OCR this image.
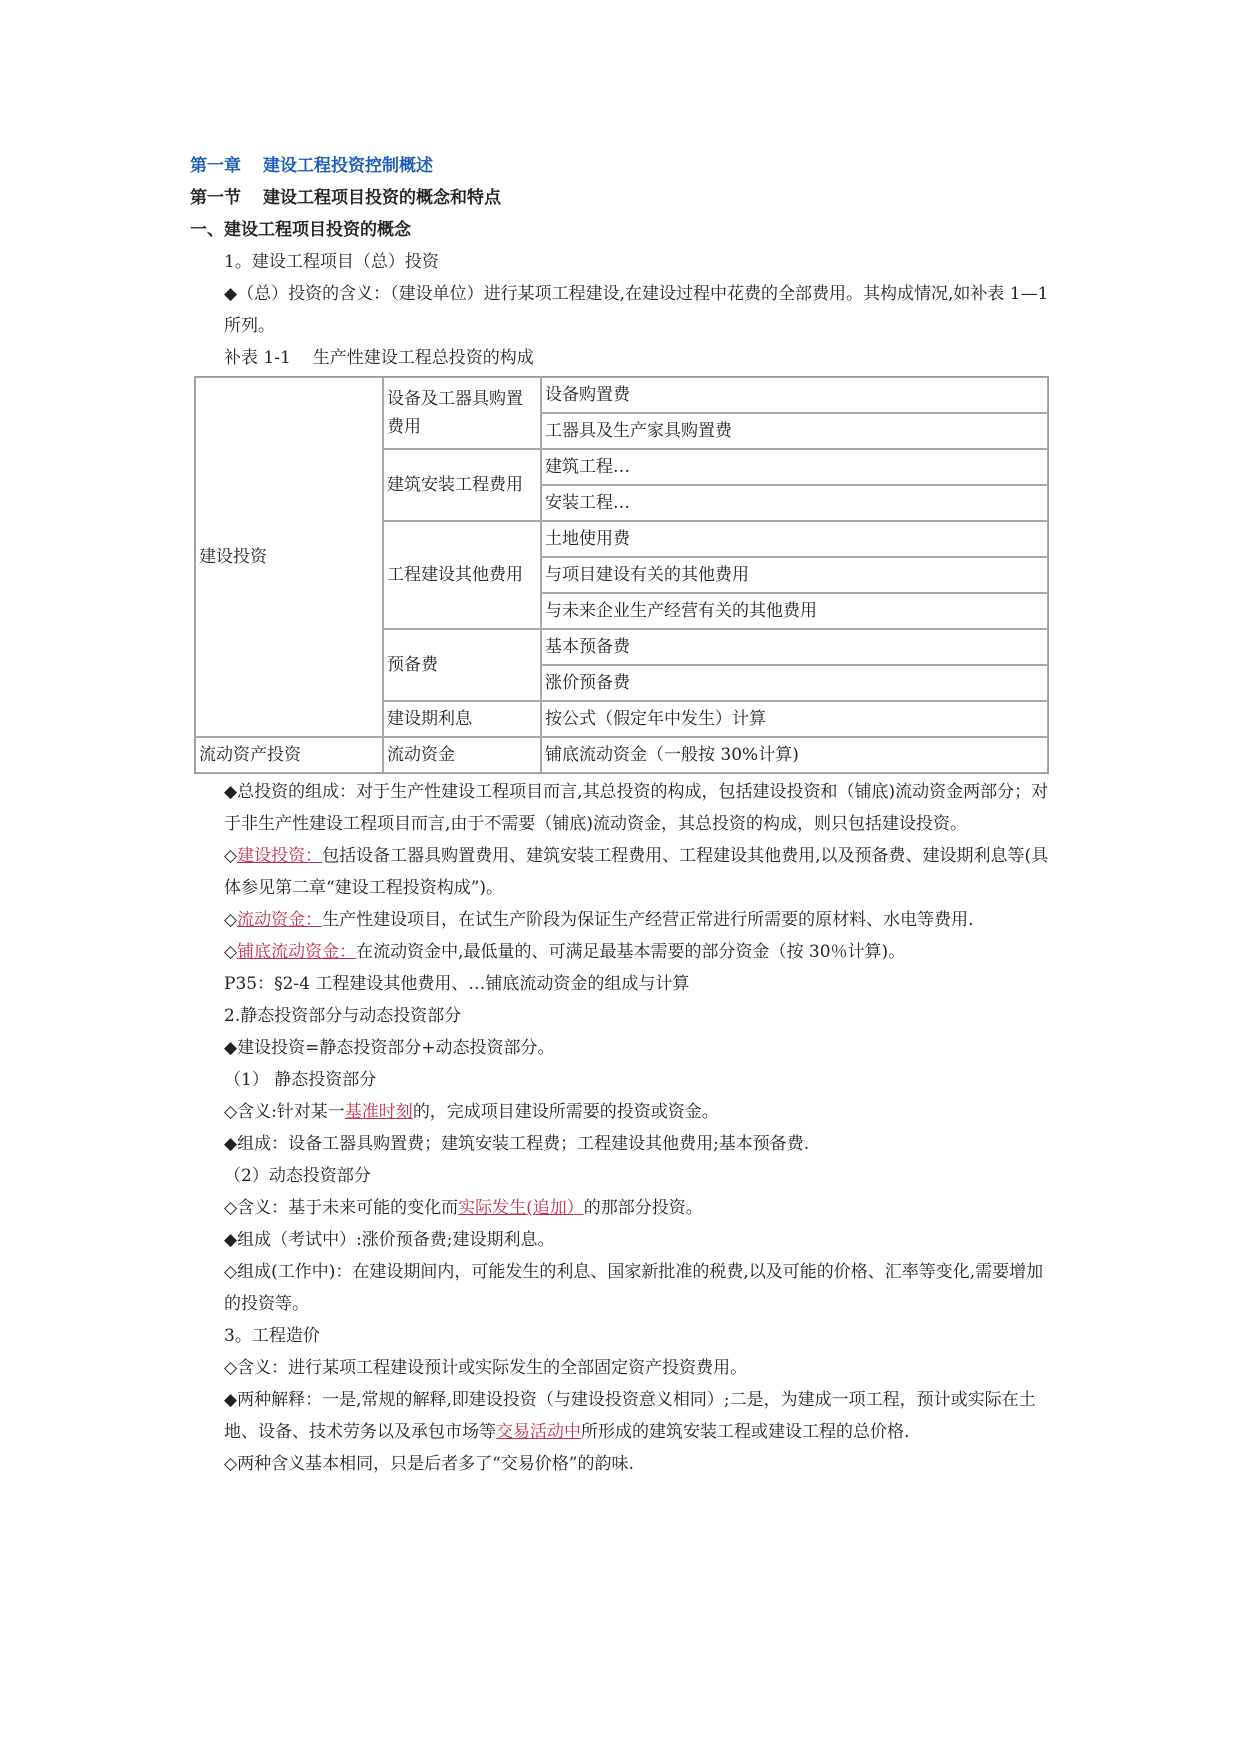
第一章 建设工程投资控制概述
第一节 建设工程项目投资的概念和特点
一、建设工程项目投资的概念
1。建设工程项目（总）投资
◆（总）投资的含义：（建设单位）进行某项工程建设,在建设过程中花费的全部费用。其构成情况,如补表 1—1 所列。
补表 1-1 生产性建设工程总投资的构成
建设投资	设备及工器具购置费用	设备购置费
		工器具及生产家具购置费
	建筑安装工程费用	建筑工程…
		安装工程…
	工程建设其他费用	土地使用费
		与项目建设有关的其他费用
		与未来企业生产经营有关的其他费用
	预备费	基本预备费
		涨价预备费
	建设期利息	按公式（假定年中发生）计算
流动资产投资	流动资金	铺底流动资金（一般按 30%计算)
◆总投资的组成：对于生产性建设工程项目而言,其总投资的构成，包括建设投资和（铺底)流动资金两部分；对于非生产性建设工程项目而言,由于不需要（铺底)流动资金，其总投资的构成，则只包括建设投资。
◇建设投资：包括设备工器具购置费用、建筑安装工程费用、工程建设其他费用,以及预备费、建设期利息等(具体参见第二章“建设工程投资构成”)。
◇流动资金：生产性建设项目，在试生产阶段为保证生产经营正常进行所需要的原材料、水电等费用.
◇铺底流动资金：在流动资金中,最低量的、可满足最基本需要的部分资金（按 30％计算)。
P35：§2-4 工程建设其他费用、…铺底流动资金的组成与计算
2.静态投资部分与动态投资部分
◆建设投资=静态投资部分+动态投资部分。
（1） 静态投资部分
◇含义:针对某一基准时刻的，完成项目建设所需要的投资或资金。
◆组成：设备工器具购置费；建筑安装工程费；工程建设其他费用;基本预备费.
（2）动态投资部分
◇含义：基于未来可能的变化而实际发生(追加）的那部分投资。
◆组成（考试中）:涨价预备费;建设期利息。
◇组成(工作中)：在建设期间内，可能发生的利息、国家新批准的税费,以及可能的价格、汇率等变化,需要增加的投资等。
3。工程造价
◇含义：进行某项工程建设预计或实际发生的全部固定资产投资费用。
◆两种解释：一是,常规的解释,即建设投资（与建设投资意义相同）;二是，为建成一项工程，预计或实际在土地、设备、技术劳务以及承包市场等交易活动中所形成的建筑安装工程或建设工程的总价格.
◇两种含义基本相同，只是后者多了“交易价格”的韵味.
